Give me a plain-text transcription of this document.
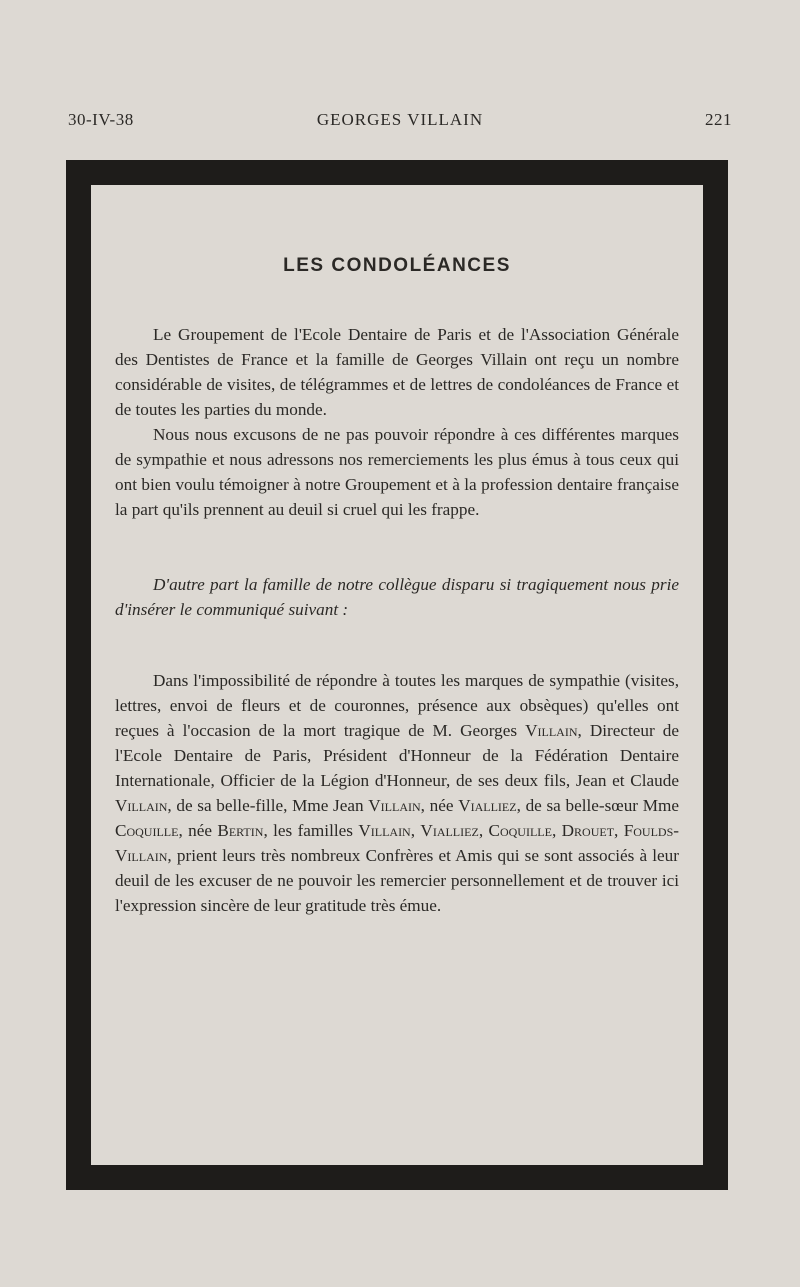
30-IV-38	GEORGES VILLAIN	221
LES CONDOLÉANCES

Le Groupement de l'Ecole Dentaire de Paris et de l'Association Générale des Dentistes de France et la famille de Georges Villain ont reçu un nombre considérable de visites, de télégrammes et de lettres de condoléances de France et de toutes les parties du monde.

Nous nous excusons de ne pas pouvoir répondre à ces différentes marques de sympathie et nous adressons nos remerciements les plus émus à tous ceux qui ont bien voulu témoigner à notre Groupement et à la profession dentaire française la part qu'ils prennent au deuil si cruel qui les frappe.

D'autre part la famille de notre collègue disparu si tragiquement nous prie d'insérer le communiqué suivant :

Dans l'impossibilité de répondre à toutes les marques de sympathie (visites, lettres, envoi de fleurs et de couronnes, présence aux obsèques) qu'elles ont reçues à l'occasion de la mort tragique de M. Georges Villain, Directeur de l'Ecole Dentaire de Paris, Président d'Honneur de la Fédération Dentaire Internationale, Officier de la Légion d'Honneur, de ses deux fils, Jean et Claude Villain, de sa belle-fille, Mme Jean Villain, née Vialliez, de sa belle-sœur Mme Coquille, née Bertin, les familles Villain, Vialliez, Coquille, Drouet, Foulds-Villain, prient leurs très nombreux Confrères et Amis qui se sont associés à leur deuil de les excuser de ne pouvoir les remercier personnellement et de trouver ici l'expression sincère de leur gratitude très émue.
